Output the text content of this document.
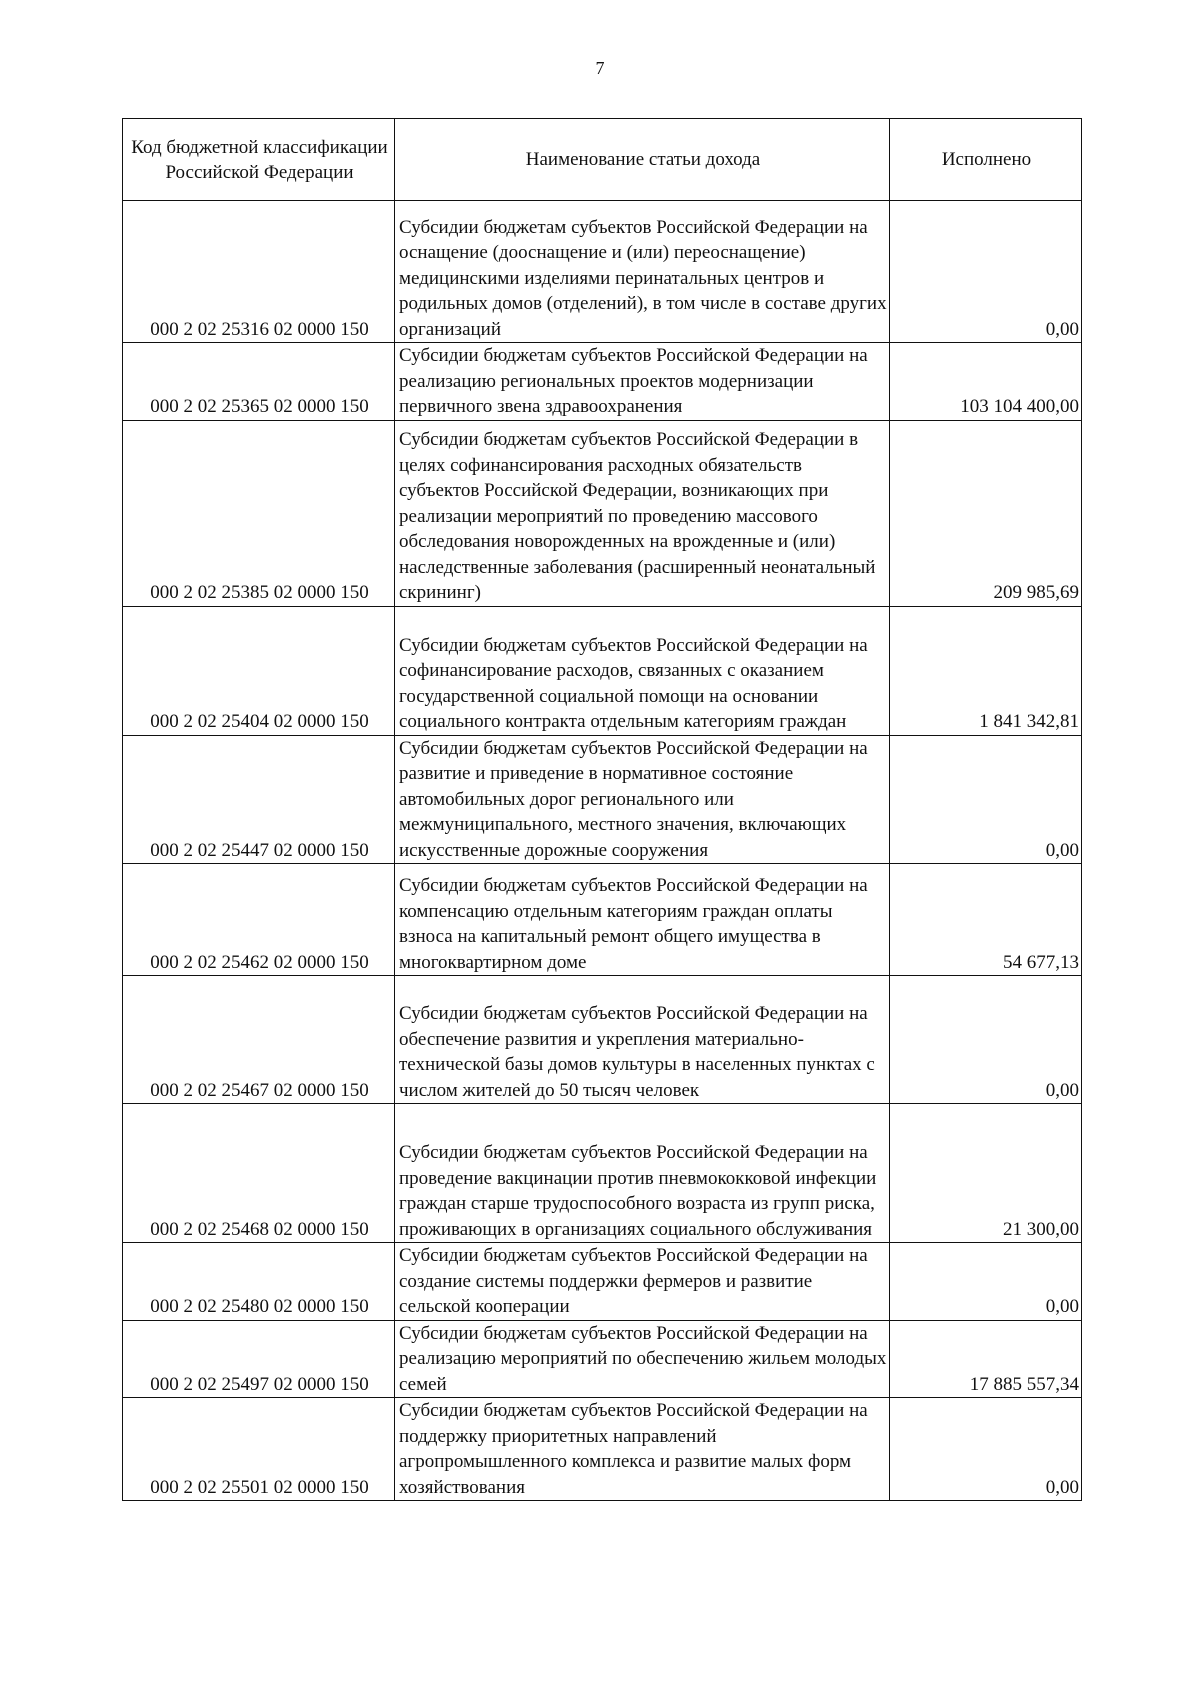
7
Код бюджетной классификации Российской Федерации	Наименование статьи дохода	Исполнено
000 2 02 25316 02 0000 150	Субсидии бюджетам субъектов Российской Федерации на оснащение (дооснащение и (или) переоснащение) медицинскими изделиями перинатальных центров и родильных домов (отделений), в том числе в составе других организаций	0,00
000 2 02 25365 02 0000 150	Субсидии бюджетам субъектов Российской Федерации на реализацию региональных проектов модернизации первичного звена здравоохранения	103 104 400,00
000 2 02 25385 02 0000 150	Субсидии бюджетам субъектов Российской Федерации в целях софинансирования расходных обязательств субъектов Российской Федерации, возникающих при реализации мероприятий по проведению массового обследования новорожденных на врожденные и (или) наследственные заболевания (расширенный неонатальный скрининг)	209 985,69
000 2 02 25404 02 0000 150	Субсидии бюджетам субъектов Российской Федерации на софинансирование расходов, связанных с оказанием государственной социальной помощи на основании социального контракта отдельным категориям граждан	1 841 342,81
000 2 02 25447 02 0000 150	Субсидии бюджетам субъектов Российской Федерации на развитие и приведение в нормативное состояние автомобильных дорог регионального или межмуниципального, местного значения, включающих искусственные дорожные сооружения	0,00
000 2 02 25462 02 0000 150	Субсидии бюджетам субъектов Российской Федерации на компенсацию отдельным категориям граждан оплаты взноса на капитальный ремонт общего имущества в многоквартирном доме	54 677,13
000 2 02 25467 02 0000 150	Субсидии бюджетам субъектов Российской Федерации на обеспечение развития и укрепления материально-технической базы домов культуры в населенных пунктах с числом жителей до 50 тысяч человек	0,00
000 2 02 25468 02 0000 150	Субсидии бюджетам субъектов Российской Федерации на проведение вакцинации против пневмококковой инфекции граждан старше трудоспособного возраста из групп риска, проживающих в организациях социального обслуживания	21 300,00
000 2 02 25480 02 0000 150	Субсидии бюджетам субъектов Российской Федерации на создание системы поддержки фермеров и развитие сельской кооперации	0,00
000 2 02 25497 02 0000 150	Субсидии бюджетам субъектов Российской Федерации на реализацию мероприятий по обеспечению жильем молодых семей	17 885 557,34
000 2 02 25501 02 0000 150	Субсидии бюджетам субъектов Российской Федерации на поддержку приоритетных направлений агропромышленного комплекса и развитие малых форм хозяйствования	0,00
